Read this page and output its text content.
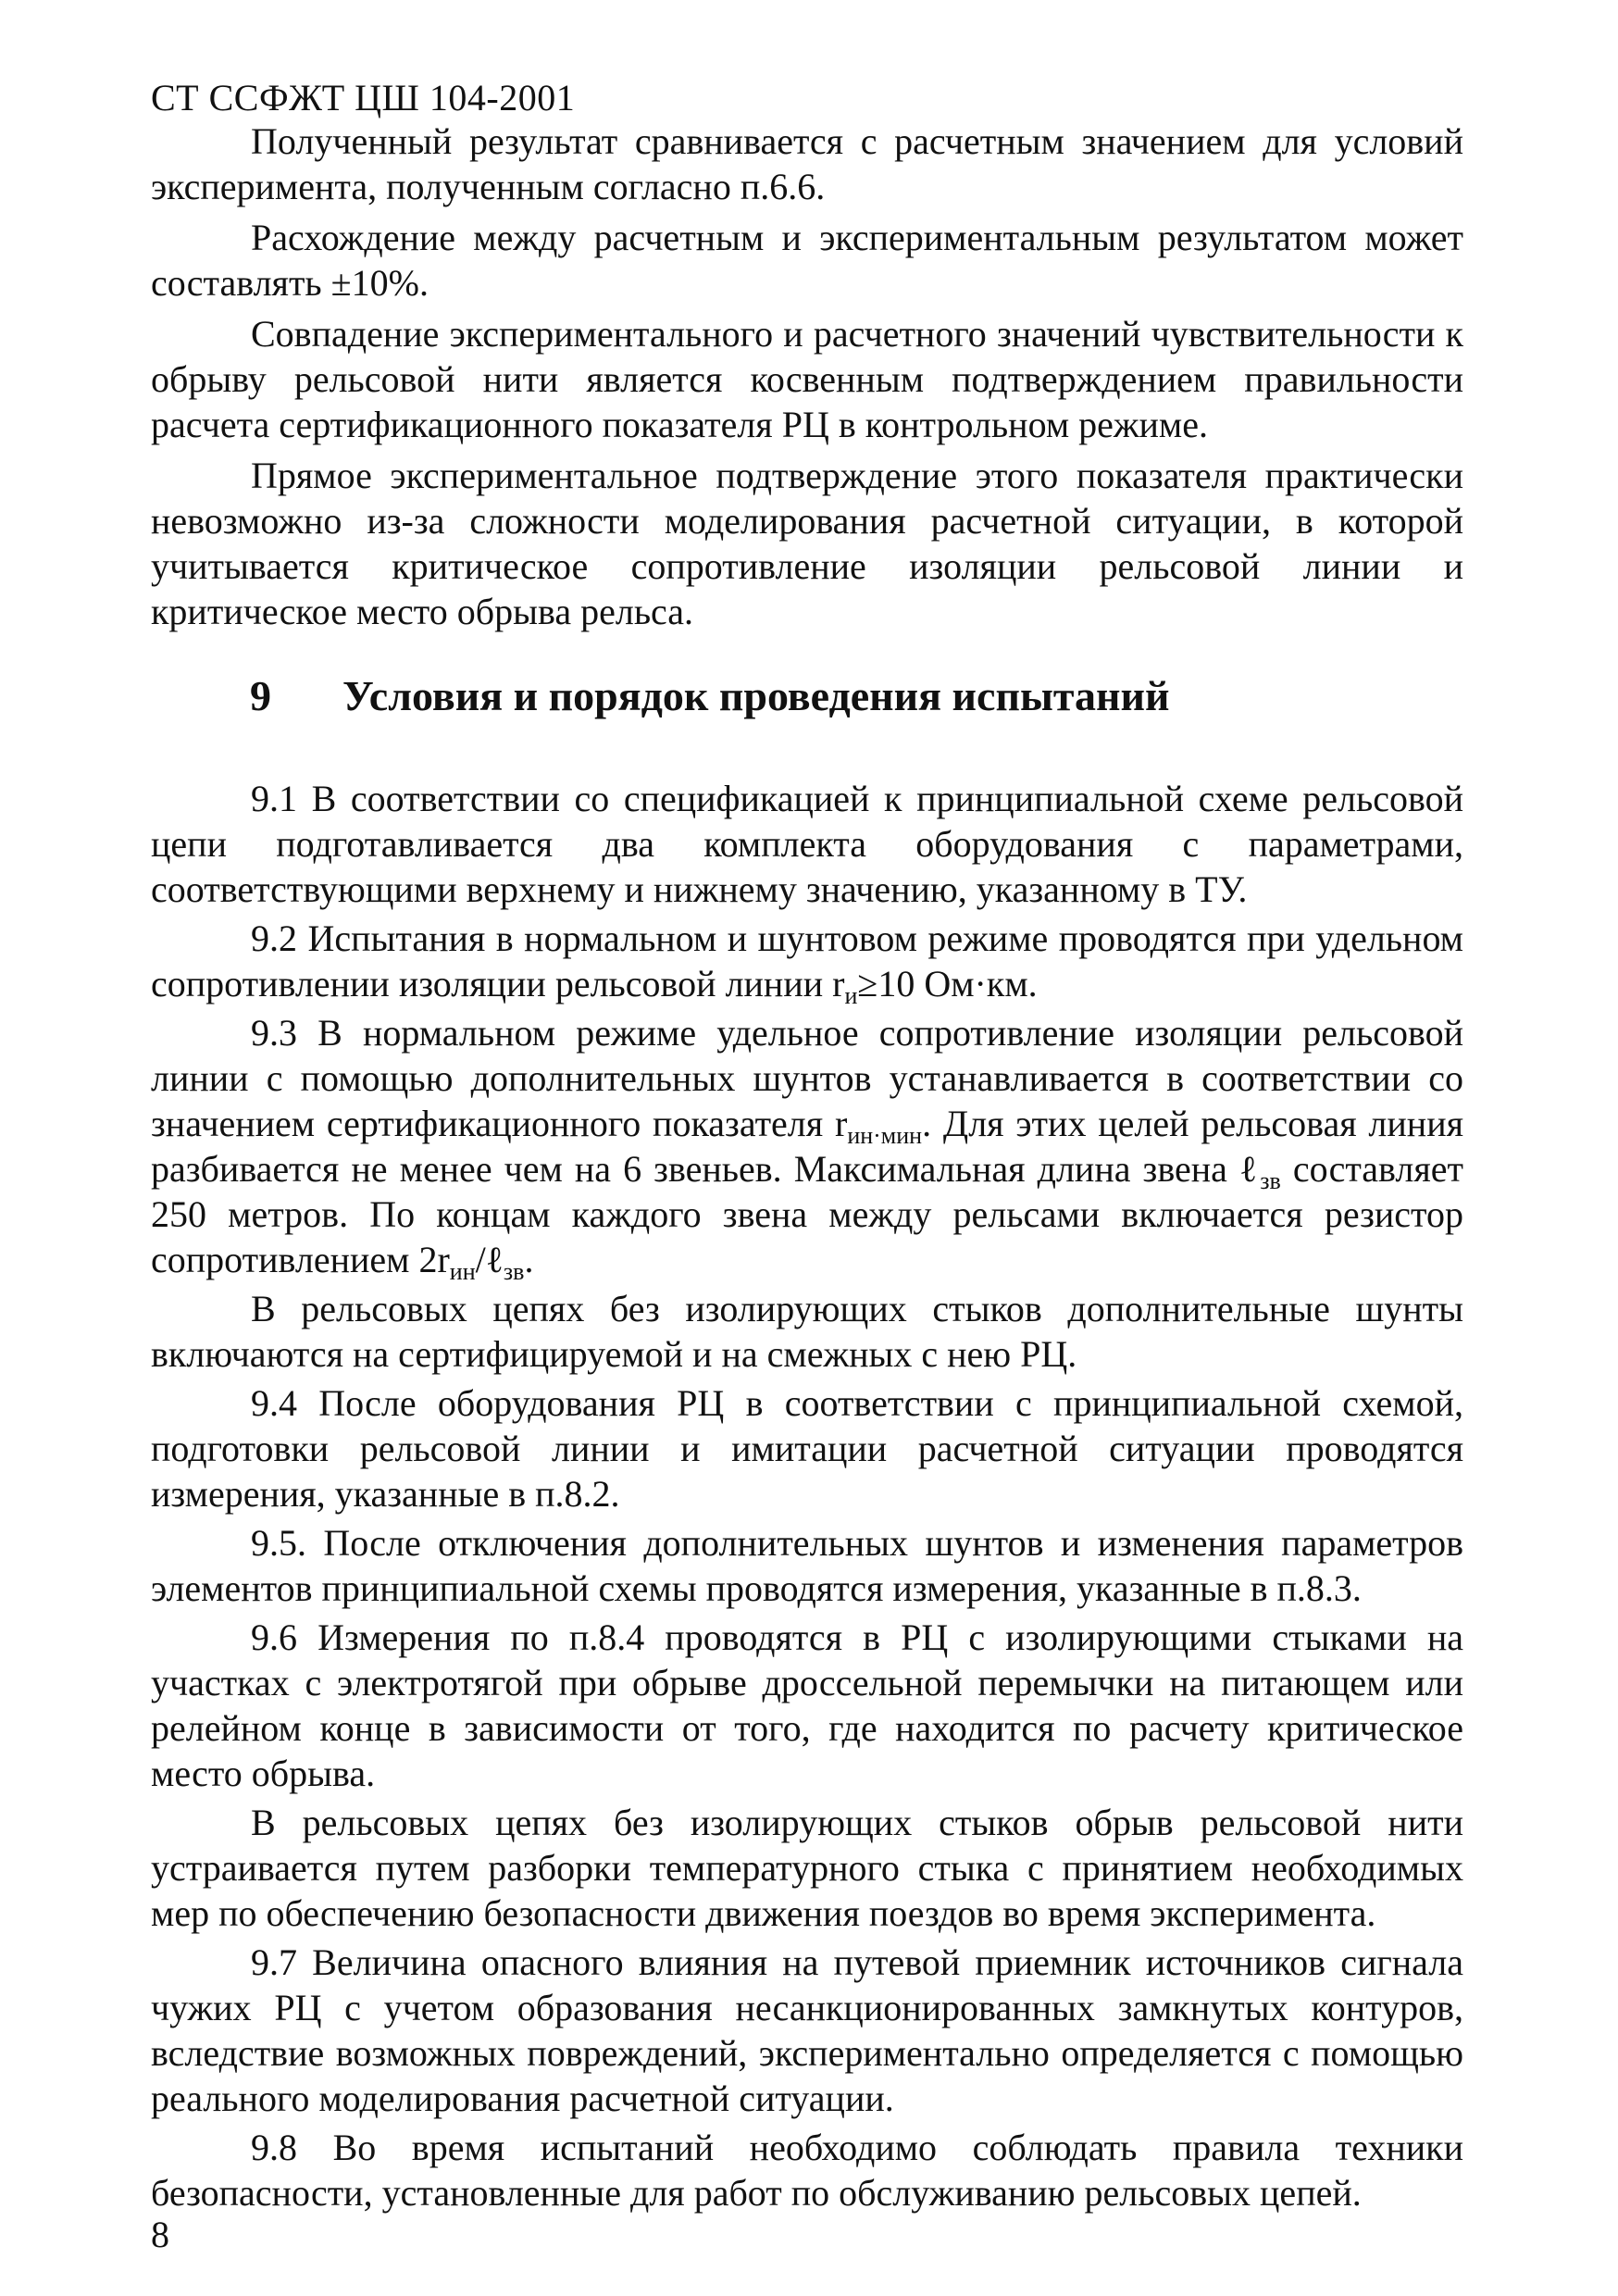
СТ ССФЖТ ЦШ 104-2001

Полученный результат сравнивается с расчетным значением для условий эксперимента, полученным согласно п.6.6.

Расхождение между расчетным и экспериментальным результатом может составлять ±10%.

Совпадение экспериментального и расчетного значений чувствительности к обрыву рельсовой нити является косвенным подтверждением правильности расчета сертификационного показателя РЦ в контрольном режиме.

Прямое экспериментальное подтверждение этого показателя практически невозможно из-за сложности моделирования расчетной ситуации, в которой учитывается критическое сопротивление изоляции рельсовой линии и критическое место обрыва рельса.

9	Условия и порядок проведения испытаний

9.1 В соответствии со спецификацией к принципиальной схеме рельсовой цепи подготавливается два комплекта оборудования с параметрами, соответствующими верхнему и нижнему значению, указанному в ТУ.

9.2 Испытания в нормальном и шунтовом режиме проводятся при удельном сопротивлении изоляции рельсовой линии $r_и\ge 10$ Ом·км.

9.3 В нормальном режиме удельное сопротивление изоляции рельсовой линии с помощью дополнительных шунтов устанавливается в соответствии со значением сертификационного показателя $r_{ин\cdot мин}$. Для этих целей рельсовая линия разбивается не менее чем на 6 звеньев. Максимальная длина звена ℓ$_{зв}$ составляет 250 метров. По концам каждого звена между рельсами включается резистор сопротивлением $2r_{ин}/\ell_{зв}$.

В рельсовых цепях без изолирующих стыков дополнительные шунты включаются на сертифицируемой и на смежных с нею РЦ.

9.4 После оборудования РЦ в соответствии с принципиальной схемой, подготовки рельсовой линии и имитации расчетной ситуации проводятся измерения, указанные в п.8.2.

9.5. После отключения дополнительных шунтов и изменения параметров элементов принципиальной схемы проводятся измерения, указанные в п.8.3.

9.6 Измерения по п.8.4 проводятся в РЦ с изолирующими стыками на участках с электротягой при обрыве дроссельной перемычки на питающем или релейном конце в зависимости от того, где находится по расчету критическое место обрыва.

В рельсовых цепях без изолирующих стыков обрыв рельсовой нити устраивается путем разборки температурного стыка с принятием необходимых мер по обеспечению безопасности движения поездов во время эксперимента.

9.7 Величина опасного влияния на путевой приемник источников сигнала чужих РЦ с учетом образования несанкционированных замкнутых контуров, вследствие возможных повреждений, экспериментально определяется с помощью реального моделирования расчетной ситуации.

9.8 Во время испытаний необходимо соблюдать правила техники безопасности, установленные для работ по обслуживанию рельсовых цепей.

8
